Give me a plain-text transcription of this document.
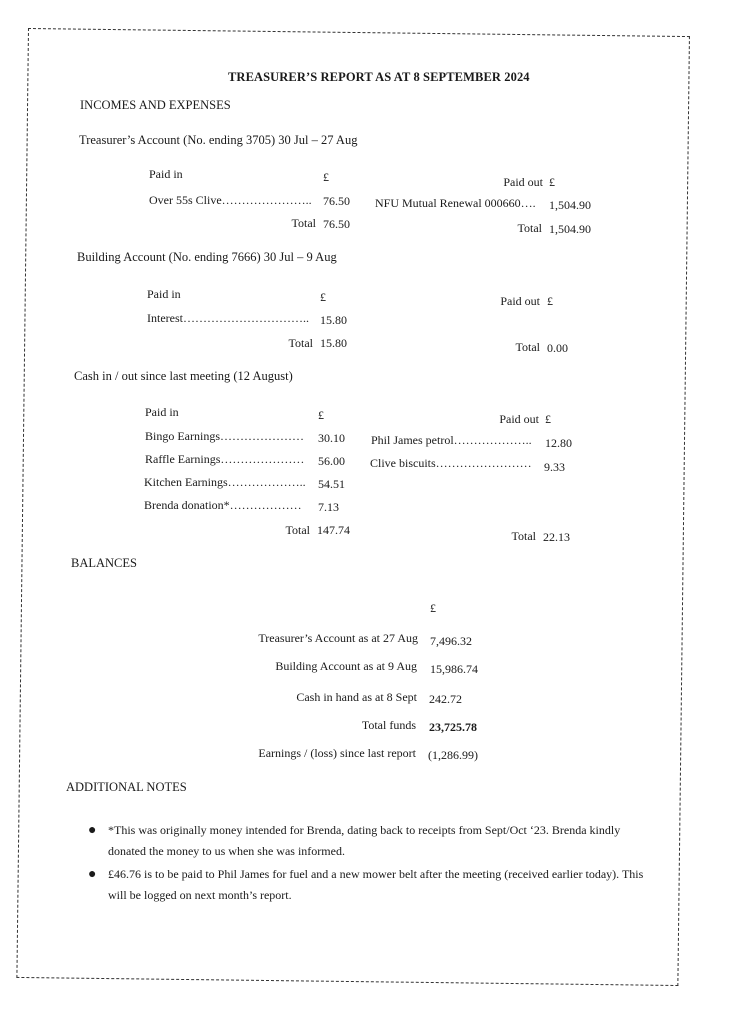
TREASURER’S REPORT AS AT 8 SEPTEMBER 2024
INCOMES AND EXPENSES
Treasurer’s Account (No. ending 3705) 30 Jul – 27 Aug
Paid in	£
Over 55s Clive………………….. 76.50
Total 76.50
Paid out £
NFU Mutual Renewal 000660…. 1,504.90
Total 1,504.90
Building Account (No. ending 7666) 30 Jul – 9 Aug
Paid in	£
Interest………………………….. 15.80
Total 15.80
Paid out £
Total 0.00
Cash in / out since last meeting (12 August)
Paid in	£
Bingo Earnings………………… 30.10
Raffle Earnings………………… 56.00
Kitchen Earnings……………….. 54.51
Brenda donation*……………… 7.13
Total 147.74
Paid out £
Phil James petrol……………….. 12.80
Clive biscuits…………………… 9.33
Total 22.13
BALANCES
£
Treasurer’s Account as at 27 Aug 7,496.32
Building Account as at 9 Aug 15,986.74
Cash in hand as at 8 Sept 242.72
Total funds 23,725.78
Earnings / (loss) since last report (1,286.99)
ADDITIONAL NOTES
● *This was originally money intended for Brenda, dating back to receipts from Sept/Oct ‘23. Brenda kindly donated the money to us when she was informed.
● £46.76 is to be paid to Phil James for fuel and a new mower belt after the meeting (received earlier today). This will be logged on next month’s report.
